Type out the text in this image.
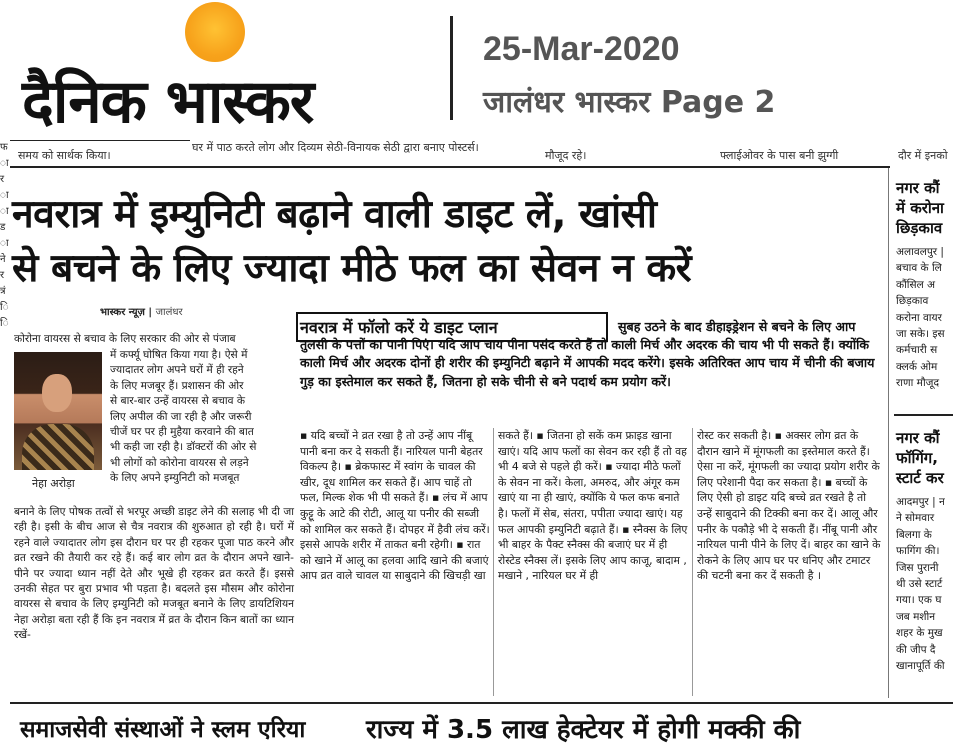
दैनिक भास्कर
25-Mar-2020
जालंधर भास्कर Page 2
समय को सार्थक किया।
घर में पाठ करते लोग और दिव्यम सेठी-विनायक सेठी द्वारा बनाए पोस्टर्स।
मौजूद रहे।	फ्लाईओवर के पास बनी झुग्गी	दौर में इनको
फ
ा
र
ा
ा
ड
ा
ने
र
त्रं
ि
ि
नवरात्र में इम्युनिटी बढ़ाने वाली डाइट लें, खांसी
से बचने के लिए ज्यादा मीठे फल का सेवन न करें
भास्कर न्यूज़ | जालंधर
कोरोना वायरस से बचाव के लिए सरकार की ओर से पंजाब
नेहा अरोड़ा
में कर्फ्यू घोषित किया गया है। ऐसे में
ज्यादातर लोग अपने घरों में ही रहने
के लिए मजबूर हैं। प्रशासन की ओर
से बार-बार उन्हें वायरस से बचाव के
लिए अपील की जा रही है और जरूरी
चीजें घर पर ही मुहैया करवाने की बात
भी कही जा रही है। डॉक्टरों की ओर से
भी लोगों को कोरोना वायरस से लड़ने
के लिए अपने इम्युनिटी को मजबूत
बनाने के लिए पोषक तत्वों से भरपूर अच्छी डाइट लेने की सलाह भी दी जा रही है। इसी के बीच आज से चैत्र नवरात्र की शुरुआत हो रही है। घरों में रहने वाले ज्यादातर लोग इस दौरान घर पर ही रहकर पूजा पाठ करने और व्रत रखने की तैयारी कर रहे हैं। कई बार लोग व्रत के दौरान अपने खाने-पीने पर ज्यादा ध्यान नहीं देते और भूखे ही रहकर व्रत करते हैं। इससे उनकी सेहत पर बुरा प्रभाव भी पड़ता है। बदलते इस मौसम और कोरोना वायरस से बचाव के लिए इम्युनिटी को मजबूत बनाने के लिए डायटिशियन नेहा अरोड़ा बता रही हैं कि इन नवरात्र में व्रत के दौरान किन बातों का ध्यान रखें-
नवरात्र में फॉलो करें ये डाइट प्लान	सुबह उठने के बाद डीहाइड्रेशन से बचने के लिए आप तुलसी के पत्तों का पानी पिएं। यदि आप चाय पीना पसंद करते हैं तो काली मिर्च और अदरक की चाय भी पी सकते हैं। क्योंकि काली मिर्च और अदरक दोनों ही शरीर की इम्युनिटी बढ़ाने में आपकी मदद करेंगे। इसके अतिरिक्त आप चाय में चीनी की बजाय गुड़ का इस्तेमाल कर सकते हैं, जितना हो सके चीनी से बने पदार्थ कम प्रयोग करें।
▪ यदि बच्चों ने व्रत रखा है तो उन्हें आप नींबू पानी बना कर दे सकती हैं। नारियल पानी बेहतर विकल्प है। ▪ ब्रेकफास्ट में स्वांग के चावल की खीर, दूध शामिल कर सकते हैं। आप चाहें तो फल, मिल्क शेक भी पी सकते हैं। ▪ लंच में आप कुट्टू के आटे की रोटी, आलू या पनीर की सब्जी को शामिल कर सकते हैं। दोपहर में हैवी लंच करें। इससे आपके शरीर में ताकत बनी रहेगी। ▪ रात को खाने में आलू का हलवा आदि खाने की बजाएं आप व्रत वाले चावल या साबुदाने की खिचड़ी खा
सकते हैं। ▪ जितना हो सकें कम फ्राइड खाना खाएं। यदि आप फलों का सेवन कर रही हैं तो वह भी 4 बजे से पहले ही करें। ▪ ज्यादा मीठे फलों के सेवन ना करें। केला, अमरुद, और अंगूर कम खाएं या ना ही खाएं, क्योंकि ये फल कफ बनाते है। फलों में सेब, संतरा, पपीता ज्यादा खाएं। यह फल आपकी इम्युनिटी बढ़ाते हैं। ▪ स्नैक्स के लिए भी बाहर के पैक्ट स्नैक्स की बजाएं घर में ही रोस्टेड स्नैक्स लें। इसके लिए आप काजू, बादाम , मखाने , नारियल घर में ही
रोस्ट कर सकती है। ▪ अक्सर लोग व्रत के दौरान खाने में मूंगफली का इस्तेमाल करते हैं। ऐसा ना करें, मूंगफली का ज्यादा प्रयोग शरीर के लिए परेशानी पैदा कर सकता है। ▪ बच्चों के लिए ऐसी हो डाइट यदि बच्चे व्रत रखते है तो उन्हें साबुदाने की टिक्की बना कर दें। आलू और पनीर के पकौड़े भी दे सकती हैं। नींबू पानी और नारियल पानी पीने के लिए दें। बाहर का खाने के रोकने के लिए आप घर पर धनिए और टमाटर की चटनी बना कर दें सकती है ।
नगर कौं
में करोना
छिड़काव
अलावलपुर |
बचाव के लि
कौंसिल अ
छिड़काव
करोना वायर
जा सके। इस
कर्मचारी स
क्लर्क ओम
राणा मौजूद
नगर कौं
फॉगिंग,
स्टार्ट कर
आदमपुर | न
ने सोमवार
बिलगा के
फागिंग की।
जिस पुरानी
थी उसे स्टार्ट
गया। एक घ
जब मशीन
शहर के मुख
की जीप दै
खानापूर्ति की
समाजसेवी संस्थाओं ने स्लम एरिया	राज्य में 3.5 लाख हेक्टेयर में होगी मक्की की
